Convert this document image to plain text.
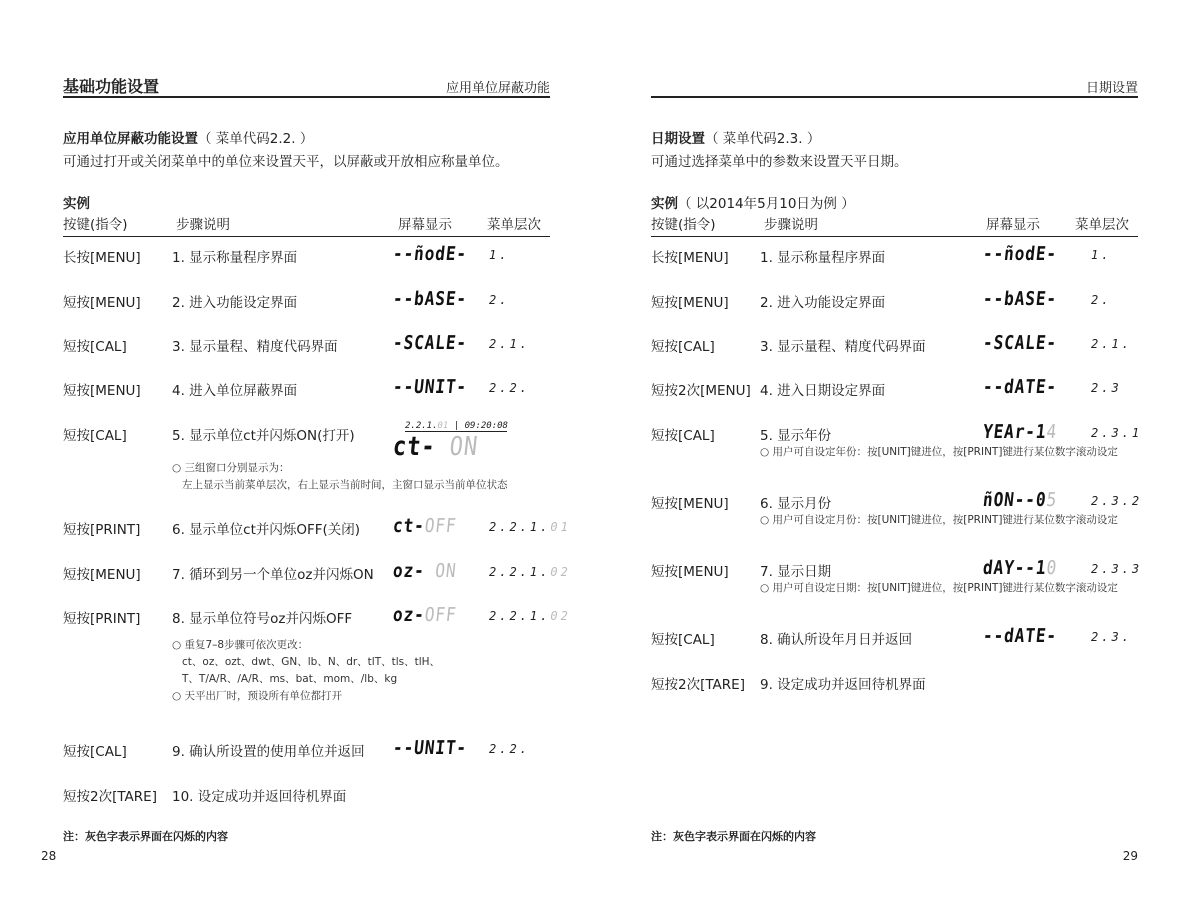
基础功能设置	应用单位屏蔽功能
应用单位屏蔽功能设置（ 菜单代码2.2. ）
可通过打开或关闭菜单中的单位来设置天平，以屏蔽或开放相应称量单位。
实例
按键(指令)	步骤说明	屏幕显示	菜单层次
长按[MENU] 1. 显示称量程序界面	--ñodE- 1.
短按[MENU] 2. 进入功能设定界面	--bASE- 2.
短按[CAL]	3. 显示量程、精度代码界面	-SCALE- 2.1.
短按[MENU] 4. 进入单位屏蔽界面	--UNIT- 2.2.
短按[CAL]	5. 显示单位ct并闪烁ON(打开) ct- ON
2.2.1.01 | 09:20:08
○ 三组窗口分别显示为：
左上显示当前菜单层次，右上显示当前时间，主窗口显示当前单位状态
短按[PRINT] 6. 显示单位ct并闪烁OFF(关闭) ct-OFF	2.2.1.01
短按[MENU] 7. 循环到另一个单位oz并闪烁ON oz- ON	2.2.1.02
短按[PRINT] 8. 显示单位符号oz并闪烁OFF oz-OFF	2.2.1.02
○ 重复7–8步骤可依次更改：
ct、oz、ozt、dwt、GN、lb、N、dr、tlT、tls、tlH、
T、T/A/R、/A/R、ms、bat、mom、/lb、kg
○ 天平出厂时，预设所有单位都打开
短按[CAL]	9. 确认所设置的使用单位并返回 --UNIT- 2.2.
短按2次[TARE] 10. 设定成功并返回待机界面
注：灰色字表示界面在闪烁的内容
28
日期设置
日期设置（ 菜单代码2.3. ）
可通过选择菜单中的参数来设置天平日期。
实例（ 以2014年5月10日为例 ）
按键(指令)	步骤说明	屏幕显示	菜单层次
长按[MENU] 1. 显示称量程序界面	--ñodE-	1.
短按[MENU] 2. 进入功能设定界面	--bASE-	2.
短按[CAL]	3. 显示量程、精度代码界面	-SCALE-	2.1.
短按2次[MENU] 4. 进入日期设定界面	--dATE-	2.3
短按[CAL]	5. 显示年份	YEAr-14	2.3.1
○ 用户可自设定年份：按[UNIT]键进位，按[PRINT]键进行某位数字滚动设定
短按[MENU] 6. 显示月份	ñON--05	2.3.2
○ 用户可自设定月份：按[UNIT]键进位，按[PRINT]键进行某位数字滚动设定
短按[MENU] 7. 显示日期	dAY--10	2.3.3
○ 用户可自设定日期：按[UNIT]键进位，按[PRINT]键进行某位数字滚动设定
短按[CAL]	8. 确认所设年月日并返回	--dATE-	2.3.
短按2次[TARE] 9. 设定成功并返回待机界面
注：灰色字表示界面在闪烁的内容
29
